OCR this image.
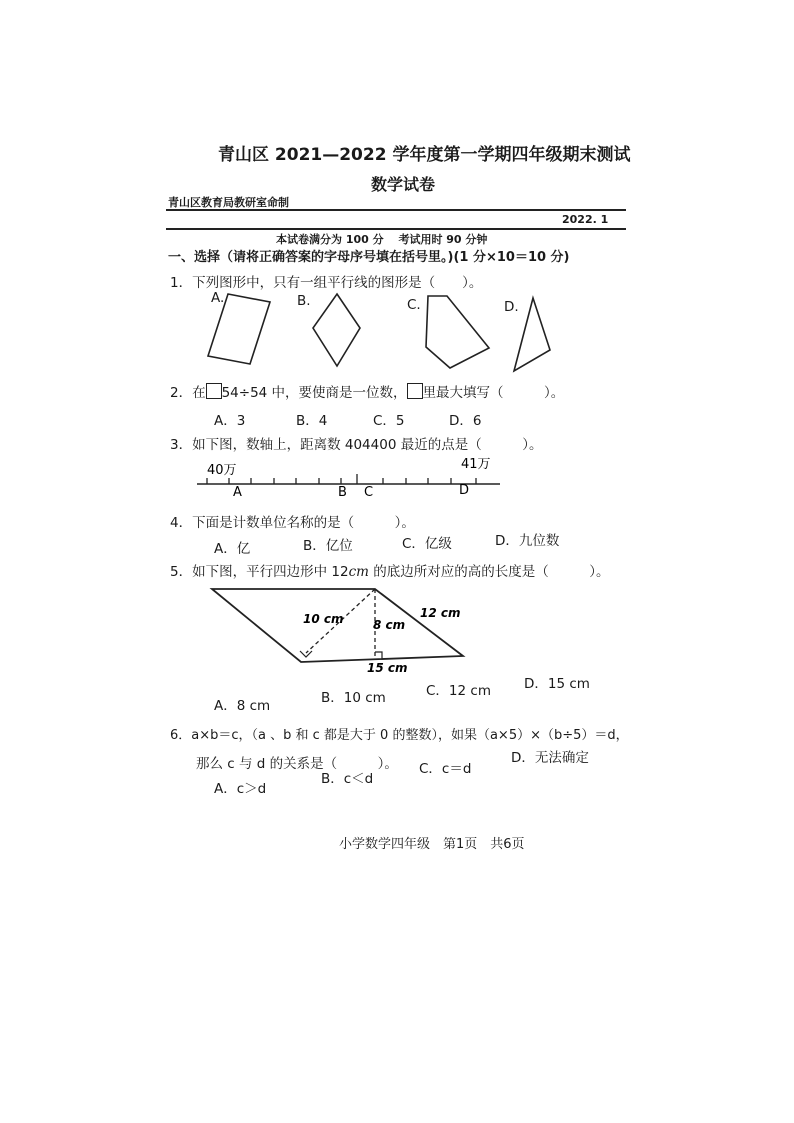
青山区 2021—2022 学年度第一学期四年级期末测试
数学试卷
青山区教育局教研室命制
2022. 1
本试卷满分为 100 分　 考试用时 90 分钟
一、选择（请将正确答案的字母序号填在括号里。)(1 分×10＝10 分)
1．下列图形中，只有一组平行线的图形是（　　）。
A.	B.	C.	D.
2．在 54÷54 中，要使商是一位数， 里最大填写（　　　）。
A．3	B．4	C．5	D．6
3．如下图，数轴上，距离数 404400 最近的点是（　　　）。
40万	41万
A	B C	D
4．下面是计数单位名称的是（　　　）。
A．亿	B．亿位	C．亿级	D．九位数
5．如下图，平行四边形中 12cm 的底边所对应的高的长度是（　　　）。
10 cm 8 cm
12 cm
15 cm
A．8 cm	B．10 cm	C．12 cm D．15 cm
6．a×b＝c，（a 、b 和 c 都是大于 0 的整数），如果（a×5）×（b÷5）＝d，
那么 c 与 d 的关系是（　　　）。
A．c＞d
B．c＜d
C．c＝d
D．无法确定
小学数学四年级　第1页　共6页
